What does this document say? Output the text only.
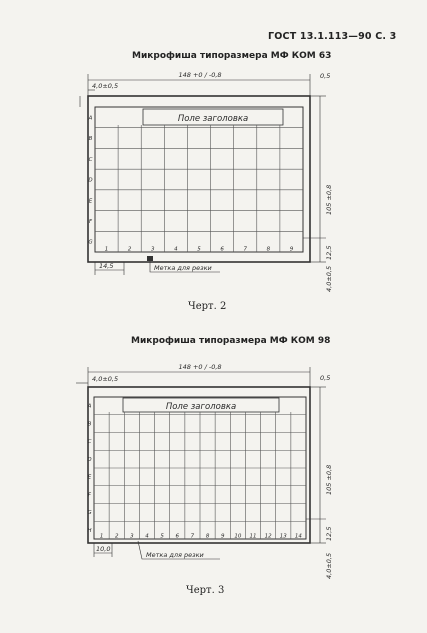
ГОСТ 13.1.113—90 С. 3
Микрофиша типоразмера МФ КОМ 63
Поле заголовка
148 +0 / -0,8
4,0±0,5
0,5
105 ±0,8
12,5
4,0±0,5
14,5	Метка для резки
1	2	3	4	5	6	7	8	9
A
B
C
D
E
F
G
Черт. 2
Микрофиша типоразмера МФ КОМ 98
Поле заголовка
148 +0 / -0,8
4,0±0,5	0,5
105 ±0,8
12,5
4,0±0,5
10,0
Метка для резки
1 2 3 4 5 6 7 8 9 10 11 12 13 14
A
B
C
D
E
F
G
H
Черт. 3
